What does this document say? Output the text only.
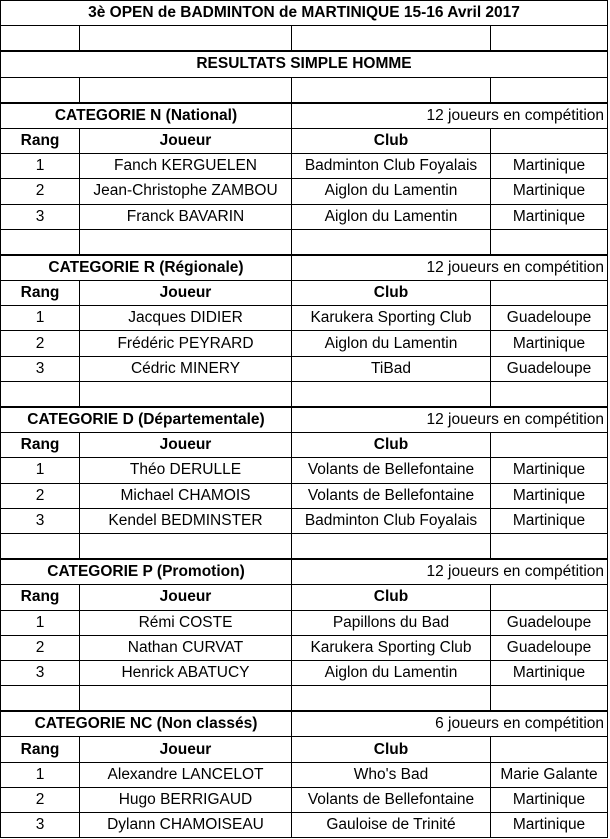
3è OPEN de BADMINTON de MARTINIQUE 15-16 Avril 2017			

RESULTATS SIMPLE HOMME			

CATEGORIE N (National)		12 joueurs en compétition	
Rang	Joueur	Club	
1	Fanch KERGUELEN	Badminton Club Foyalais	Martinique
2	Jean-Christophe ZAMBOU	Aiglon du Lamentin	Martinique
3	Franck BAVARIN	Aiglon du Lamentin	Martinique

CATEGORIE R (Régionale)		12 joueurs en compétition	
Rang	Joueur	Club	
1	Jacques DIDIER	Karukera Sporting Club	Guadeloupe
2	Frédéric PEYRARD	Aiglon du Lamentin	Martinique
3	Cédric MINERY	TiBad	Guadeloupe

CATEGORIE D (Départementale)		12 joueurs en compétition	
Rang	Joueur	Club	
1	Théo DERULLE	Volants de Bellefontaine	Martinique
2	Michael CHAMOIS	Volants de Bellefontaine	Martinique
3	Kendel BEDMINSTER	Badminton Club Foyalais	Martinique

CATEGORIE P (Promotion)		12 joueurs en compétition	
Rang	Joueur	Club	
1	Rémi COSTE	Papillons du Bad	Guadeloupe
2	Nathan CURVAT	Karukera Sporting Club	Guadeloupe
3	Henrick ABATUCY	Aiglon du Lamentin	Martinique

CATEGORIE NC (Non classés)		6 joueurs en compétition	
Rang	Joueur	Club	
1	Alexandre LANCELOT	Who's Bad	Marie Galante
2	Hugo BERRIGAUD	Volants de Bellefontaine	Martinique
3	Dylann CHAMOISEAU	Gauloise de Trinité	Martinique
